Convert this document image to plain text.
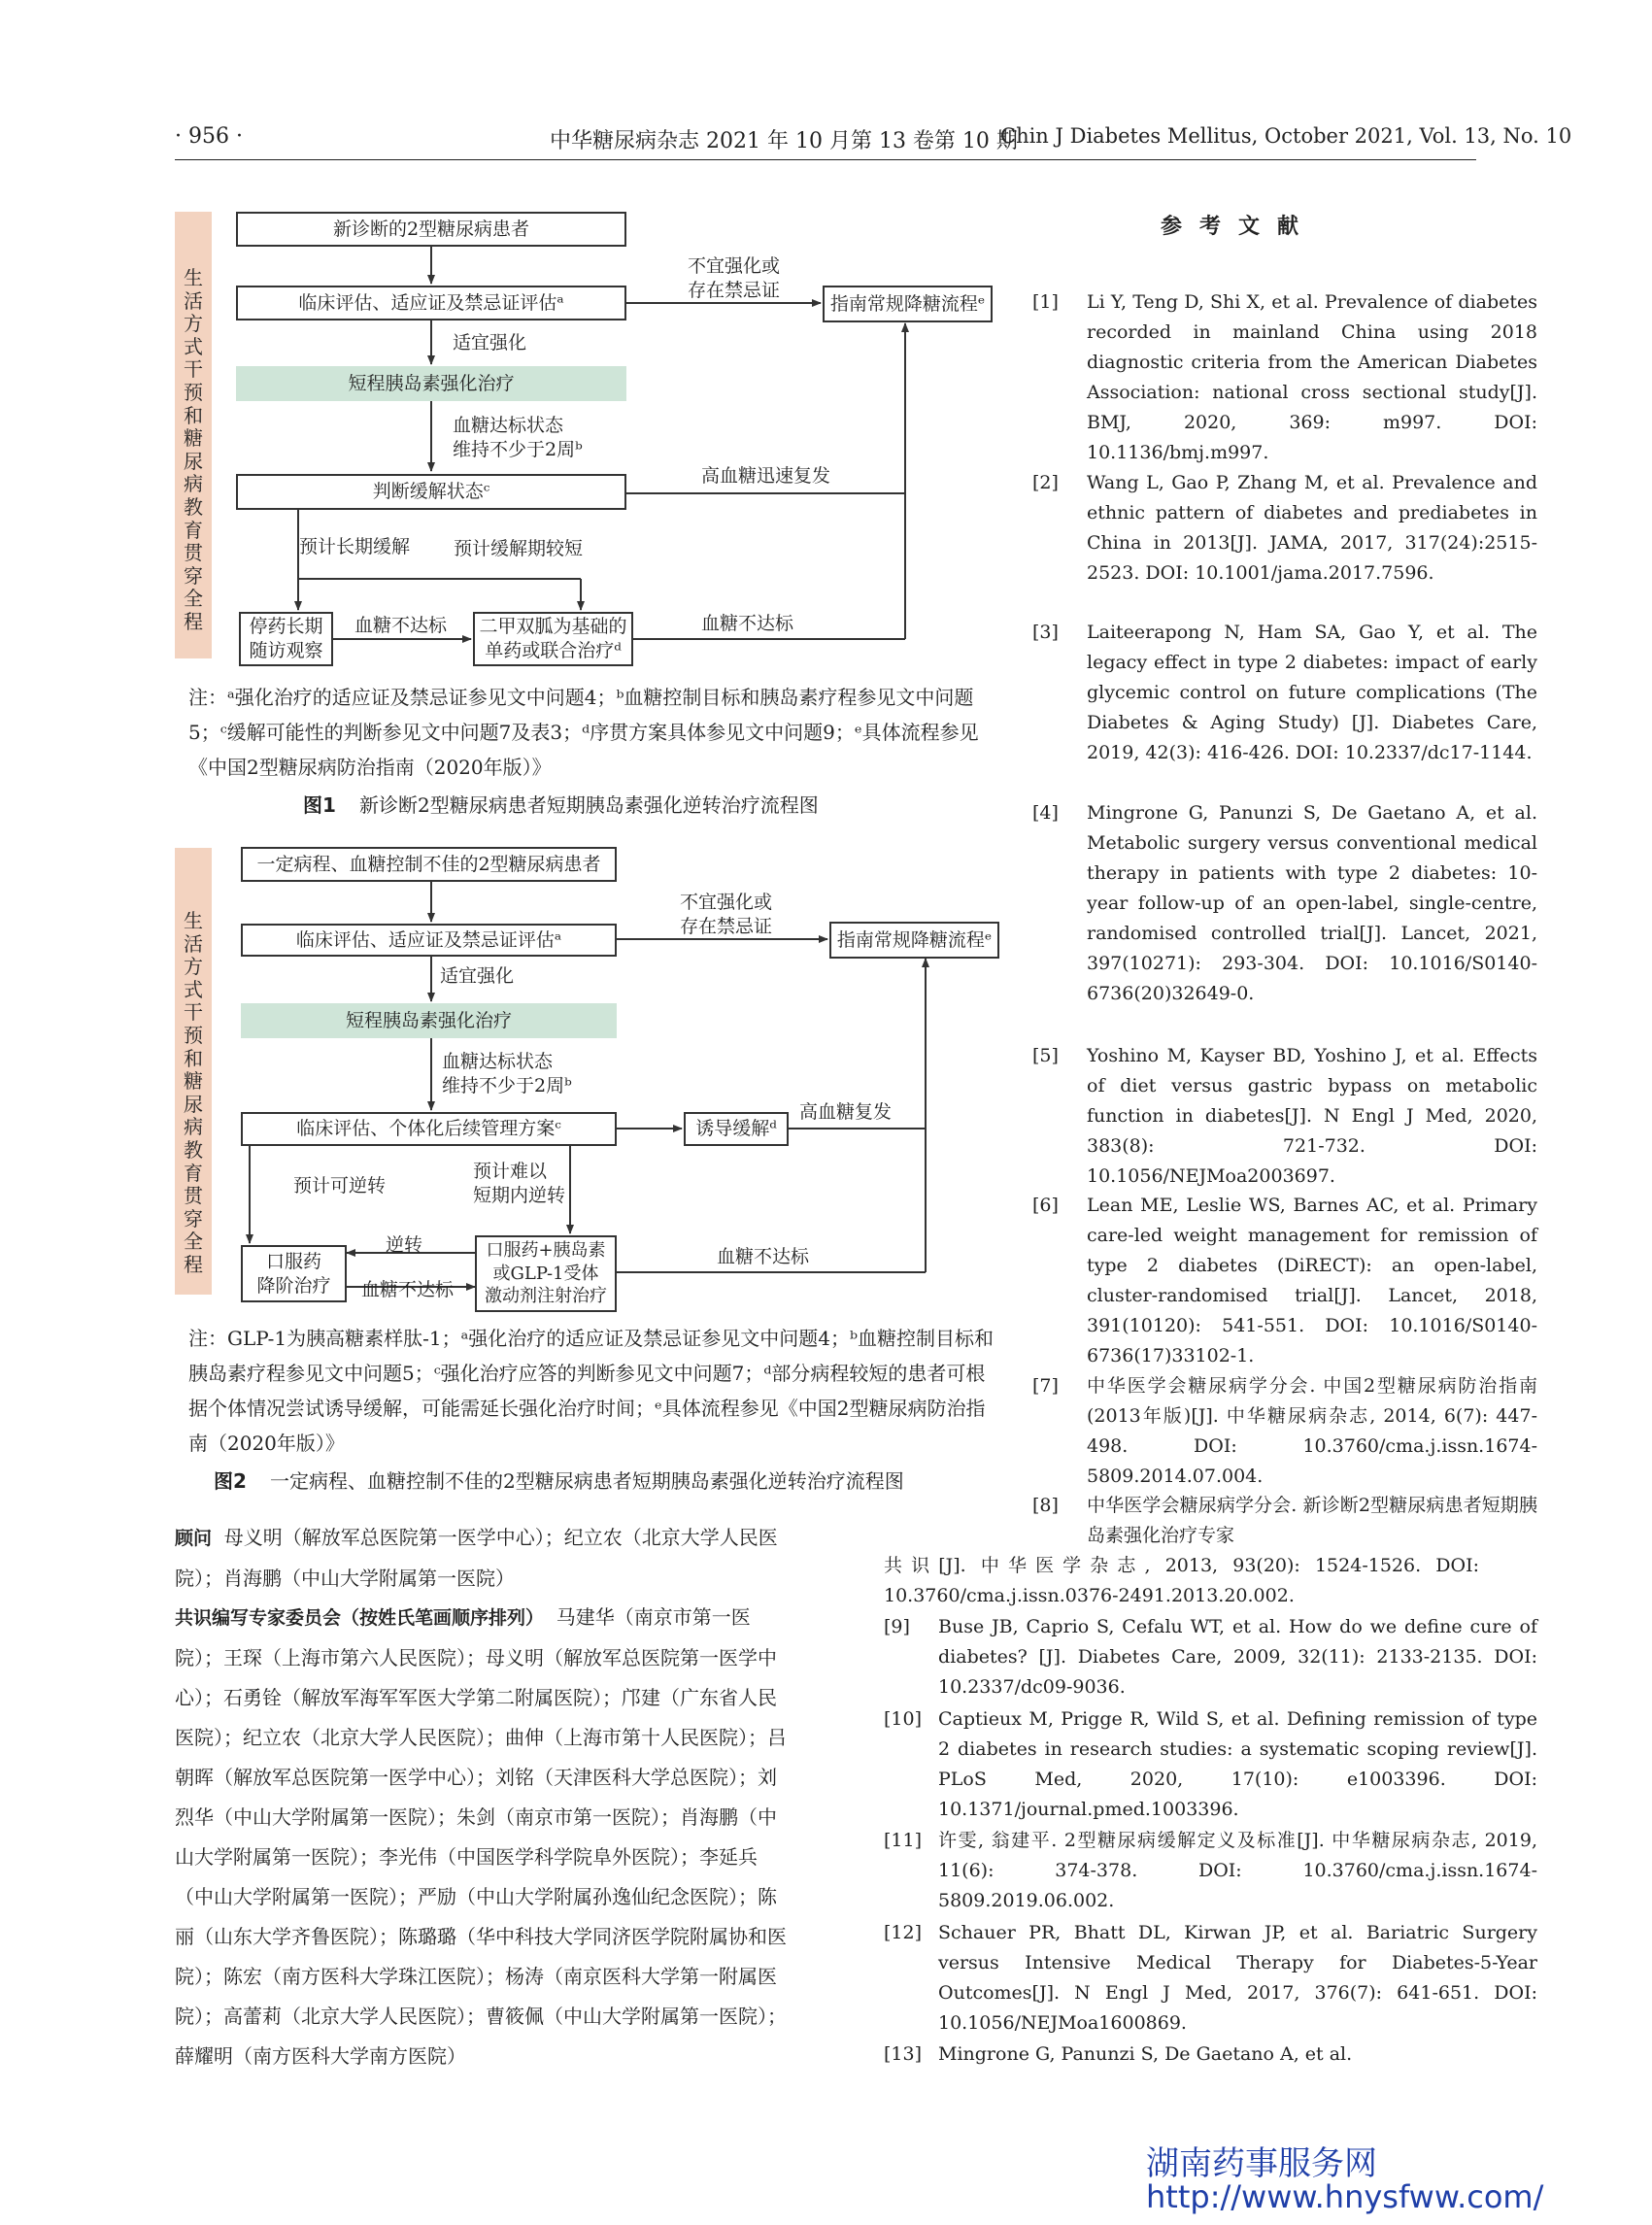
· 956 ·	中华糖尿病杂志 2021 年 10 月第 13 卷第 10 期
Chin J Diabetes Mellitus, October 2021, Vol. 13, No. 10
生活方式干预和糖尿病教育贯穿全程
新诊断的2型糖尿病患者
临床评估、适应证及禁忌证评估ᵃ	指南常规降糖流程ᵉ
不宜强化或
存在禁忌证
适宜强化
短程胰岛素强化治疗
血糖达标状态
维持不少于2周ᵇ
判断缓解状态ᶜ
高血糖迅速复发
预计长期缓解 预计缓解期较短
停药长期
随访观察
血糖不达标	二甲双胍为基础的
单药或联合治疗ᵈ
血糖不达标
注：ᵃ强化治疗的适应证及禁忌证参见文中问题4；ᵇ血糖控制目标和胰岛素疗程参见文中问题5；ᶜ缓解可能性的判断参见文中问题7及表3；ᵈ序贯方案具体参见文中问题9；ᵉ具体流程参见《中国2型糖尿病防治指南（2020年版）》
图1 新诊断2型糖尿病患者短期胰岛素强化逆转治疗流程图
生活方式干预和糖尿病教育贯穿全程
一定病程、血糖控制不佳的2型糖尿病患者
临床评估、适应证及禁忌证评估ᵃ	指南常规降糖流程ᵉ
不宜强化或
存在禁忌证
适宜强化
短程胰岛素强化治疗
血糖达标状态
维持不少于2周ᵇ
临床评估、个体化后续管理方案ᶜ	诱导缓解ᵈ
高血糖复发
预计可逆转
预计难以
短期内逆转
口服药
降阶治疗
逆转
血糖不达标
口服药+胰岛素
或GLP-1受体
激动剂注射治疗
血糖不达标
注：GLP-1为胰高糖素样肽-1；ᵃ强化治疗的适应证及禁忌证参见文中问题4；ᵇ血糖控制目标和胰岛素疗程参见文中问题5；ᶜ强化治疗应答的判断参见文中问题7；ᵈ部分病程较短的患者可根据个体情况尝试诱导缓解，可能需延长强化治疗时间；ᵉ具体流程参见《中国2型糖尿病防治指南（2020年版）》
图2 一定病程、血糖控制不佳的2型糖尿病患者短期胰岛素强化逆转治疗流程图
顾问 母义明（解放军总医院第一医学中心）；纪立农（北京大学人民医院）；肖海鹏（中山大学附属第一医院）
共识编写专家委员会（按姓氏笔画顺序排列） 马建华（南京市第一医院）；王琛（上海市第六人民医院）；母义明（解放军总医院第一医学中心）；石勇铨（解放军海军军医大学第二附属医院）；邝建（广东省人民医院）；纪立农（北京大学人民医院）；曲伸（上海市第十人民医院）；吕朝晖（解放军总医院第一医学中心）；刘铭（天津医科大学总医院）；刘烈华（中山大学附属第一医院）；朱剑（南京市第一医院）；肖海鹏（中山大学附属第一医院）；李光伟（中国医学科学院阜外医院）；李延兵（中山大学附属第一医院）；严励（中山大学附属孙逸仙纪念医院）；陈丽（山东大学齐鲁医院）；陈璐璐（华中科技大学同济医学院附属协和医院）；陈宏（南方医科大学珠江医院）；杨涛（南京医科大学第一附属医院）；高蕾莉（北京大学人民医院）；曹筱佩（中山大学附属第一医院）；薛耀明（南方医科大学南方医院）
参考文献
[1] Li Y, Teng D, Shi X, et al. Prevalence of diabetes recorded in mainland China using 2018 diagnostic criteria from the American Diabetes Association: national cross sectional study[J]. BMJ, 2020, 369: m997. DOI: 10.1136/bmj.m997.
[2] Wang L, Gao P, Zhang M, et al. Prevalence and ethnic pattern of diabetes and prediabetes in China in 2013[J]. JAMA, 2017, 317(24):2515-2523. DOI: 10.1001/jama.2017.7596.
[3] Laiteerapong N, Ham SA, Gao Y, et al. The legacy effect in type 2 diabetes: impact of early glycemic control on future complications (The Diabetes & Aging Study) [J]. Diabetes Care, 2019, 42(3): 416-426. DOI: 10.2337/dc17-1144.
[4] Mingrone G, Panunzi S, De Gaetano A, et al. Metabolic surgery versus conventional medical therapy in patients with type 2 diabetes: 10-year follow-up of an open-label, single-centre, randomised controlled trial[J]. Lancet, 2021, 397(10271): 293-304. DOI: 10.1016/S0140-6736(20)32649-0.
[5] Yoshino M, Kayser BD, Yoshino J, et al. Effects of diet versus gastric bypass on metabolic function in diabetes[J]. N Engl J Med, 2020, 383(8): 721-732. DOI: 10.1056/NEJMoa2003697.
[6] Lean ME, Leslie WS, Barnes AC, et al. Primary care-led weight management for remission of type 2 diabetes (DiRECT): an open-label, cluster-randomised trial[J]. Lancet, 2018, 391(10120): 541-551. DOI: 10.1016/S0140-6736(17)33102-1.
[7] 中华医学会糖尿病学分会. 中国2型糖尿病防治指南(2013年版)[J]. 中华糖尿病杂志, 2014, 6(7): 447-498. DOI: 10.3760/cma.j.issn.1674-5809.2014.07.004.
[8] 中华医学会糖尿病学分会. 新诊断2型糖尿病患者短期胰岛素强化治疗专家
共识[J]. 中华医学杂志, 2013, 93(20): 1524-1526. DOI: 10.3760/cma.j.issn.0376-2491.2013.20.002.
[9] Buse JB, Caprio S, Cefalu WT, et al. How do we define cure of diabetes? [J]. Diabetes Care, 2009, 32(11): 2133-2135. DOI: 10.2337/dc09-9036.
[10] Captieux M, Prigge R, Wild S, et al. Defining remission of type 2 diabetes in research studies: a systematic scoping review[J]. PLoS Med, 2020, 17(10): e1003396. DOI: 10.1371/journal.pmed.1003396.
[11] 许雯, 翁建平. 2型糖尿病缓解定义及标准[J]. 中华糖尿病杂志, 2019, 11(6): 374-378. DOI: 10.3760/cma.j.issn.1674-5809.2019.06.002.
[12] Schauer PR, Bhatt DL, Kirwan JP, et al. Bariatric Surgery versus Intensive Medical Therapy for Diabetes-5-Year Outcomes[J]. N Engl J Med, 2017, 376(7): 641-651. DOI: 10.1056/NEJMoa1600869.
[13] Mingrone G, Panunzi S, De Gaetano A, et al.
湖南药事服务网
http://www.hnysfww.com/
